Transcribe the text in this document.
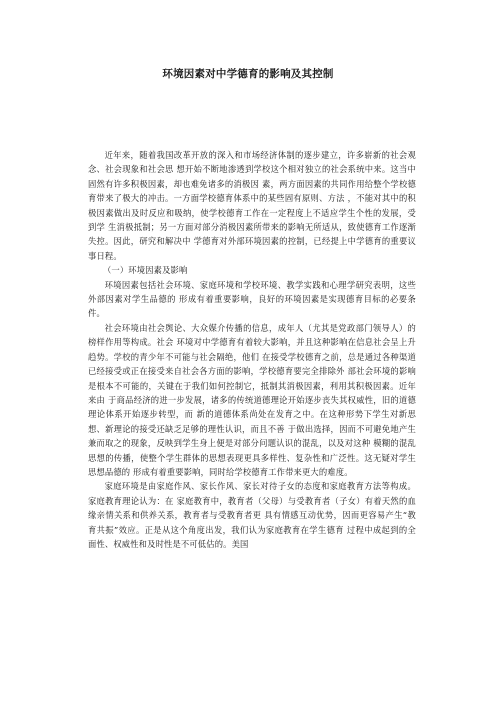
环境因素对中学德育的影响及其控制

近年来，随着我国改革开放的深入和市场经济体制的逐步建立，许多崭新的社会观念、社会现象和社会思 想开始不断地渗透到学校这个相对独立的社会系统中来。这当中固然有许多积极因素，却也难免诸多的消极因 素，两方面因素的共同作用给整个学校德育带来了极大的冲击。一方面学校德育体系中的某些固有原则、方法 ，不能对其中的积极因素做出及时反应和吸纳，使学校德育工作在一定程度上不适应学生个性的发展，受到学 生消极抵制；另一方面对部分消极因素所带来的影响无所适从，致使德育工作逐渐失控。因此，研究和解决中 学德育对外部环境因素的控制，已经提上中学德育的重要议事日程。

（一）环境因素及影响

环境因素包括社会环境、家庭环境和学校环境、教学实践和心理学研究表明，这些外部因素对学生品德的 形成有着重要影响，良好的环境因素是实现德育目标的必要条件。

社会环境由社会舆论、大众媒介传播的信息，成年人（尤其是党政部门领导人）的榜样作用等构成。社会 环境对中学德育有着较大影响，并且这种影响在信息社会呈上升趋势。学校的青少年不可能与社会隔绝，他们 在接受学校德育之前，总是通过各种渠道已经接受或正在接受来自社会各方面的影响，学校德育要完全排除外 部社会环境的影响是根本不可能的，关键在于我们如何控制它，抵制其消极因素，利用其积极因素。近年来由 于商品经济的进一步发展，诸多的传统道德理论开始逐步丧失其权威性，旧的道德理论体系开始逐步转型，而 新的道德体系尚处在发育之中。在这种形势下学生对新思想、新理论的接受还缺乏足够的理性认识，而且不善 于做出选择，因而不可避免地产生兼而取之的现象，反映到学生身上便是对部分问题认识的混乱，以及对这种 模糊的混乱思想的传播，使整个学生群体的思想表现更具多样性、复杂性和广泛性。这无疑对学生思想品德的 形成有着重要影响，同时给学校德育工作带来更大的难度。

家庭环境是由家庭作风、家长作风、家长对待子女的态度和家庭教育方法等构成。家庭教育理论认为：在 家庭教育中，教育者（父母）与受教育者（子女）有着天然的血缘亲情关系和供养关系，教育者与受教育者更 具有情感互动优势，因而更容易产生“教育共振”效应。正是从这个角度出发，我们认为家庭教育在学生德育 过程中成起到的全面性、权威性和及时性是不可低估的。美国
